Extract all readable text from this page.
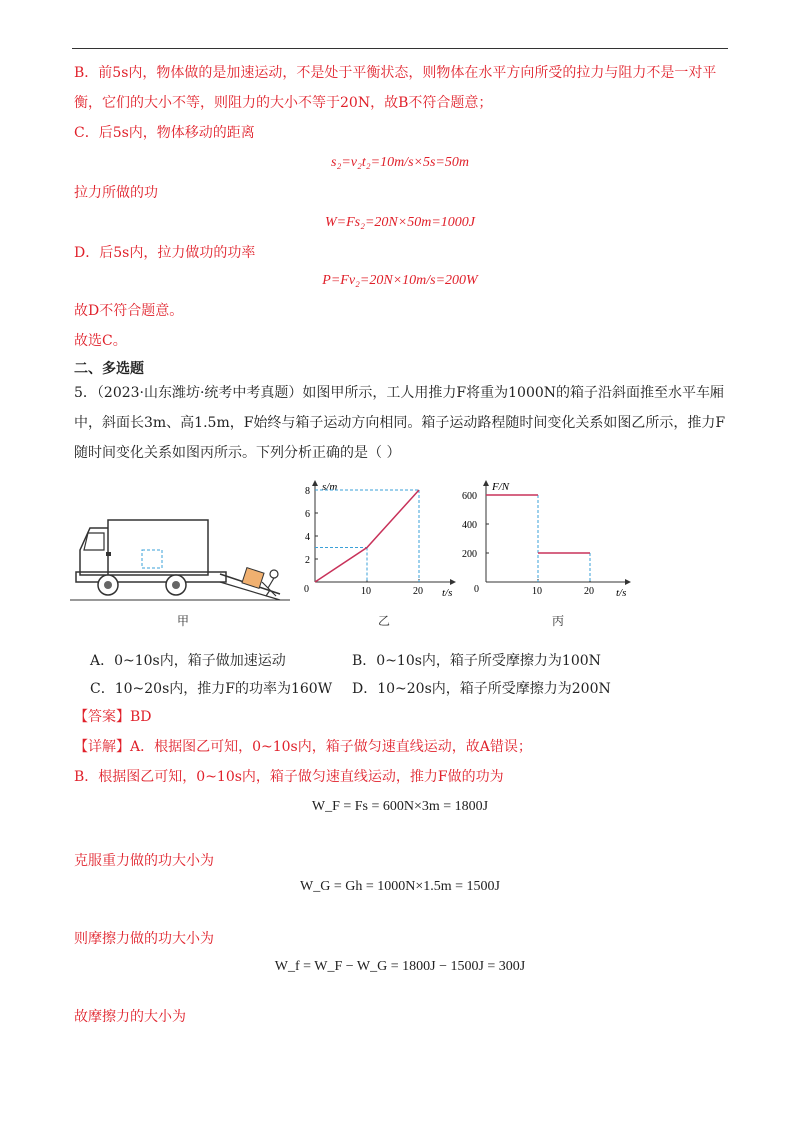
B．前5s内，物体做的是加速运动，不是处于平衡状态，则物体在水平方向所受的拉力与阻力不是一对平
衡，它们的大小不等，则阻力的大小不等于20N，故B不符合题意；
C．后5s内，物体移动的距离
s₂=v₂t₂=10m/s×5s=50m
拉力所做的功
W=Fs₂=20N×50m=1000J
D．后5s内，拉力做功的功率
P=Fv₂=20N×10m/s=200W
故D不符合题意。
故选C。
二、多选题
5．（2023·山东潍坊·统考中考真题）如图甲所示，工人用推力F将重为1000N的箱子沿斜面推至水平车厢
中，斜面长3m、高1.5m，F始终与箱子运动方向相同。箱子运动路程随时间变化关系如图乙所示，推力F
随时间变化关系如图丙所示。下列分析正确的是（ ）
甲
s/m
t/s
0
2
4
6
8
10	20
乙
F/N
t/s
0
200
400
600
10	20
丙
A．0~10s内，箱子做加速运动	B．0~10s内，箱子所受摩擦力为100N
C．10~20s内，推力F的功率为160W D．10~20s内，箱子所受摩擦力为200N
【答案】BD
【详解】A．根据图乙可知，0~10s内，箱子做匀速直线运动，故A错误；
B．根据图乙可知，0~10s内，箱子做匀速直线运动，推力F做的功为
W_F = Fs = 600N×3m = 1800J
克服重力做的功大小为
W_G = Gh = 1000N×1.5m = 1500J
则摩擦力做的功大小为
W_f = W_F − W_G = 1800J − 1500J = 300J
故摩擦力的大小为
